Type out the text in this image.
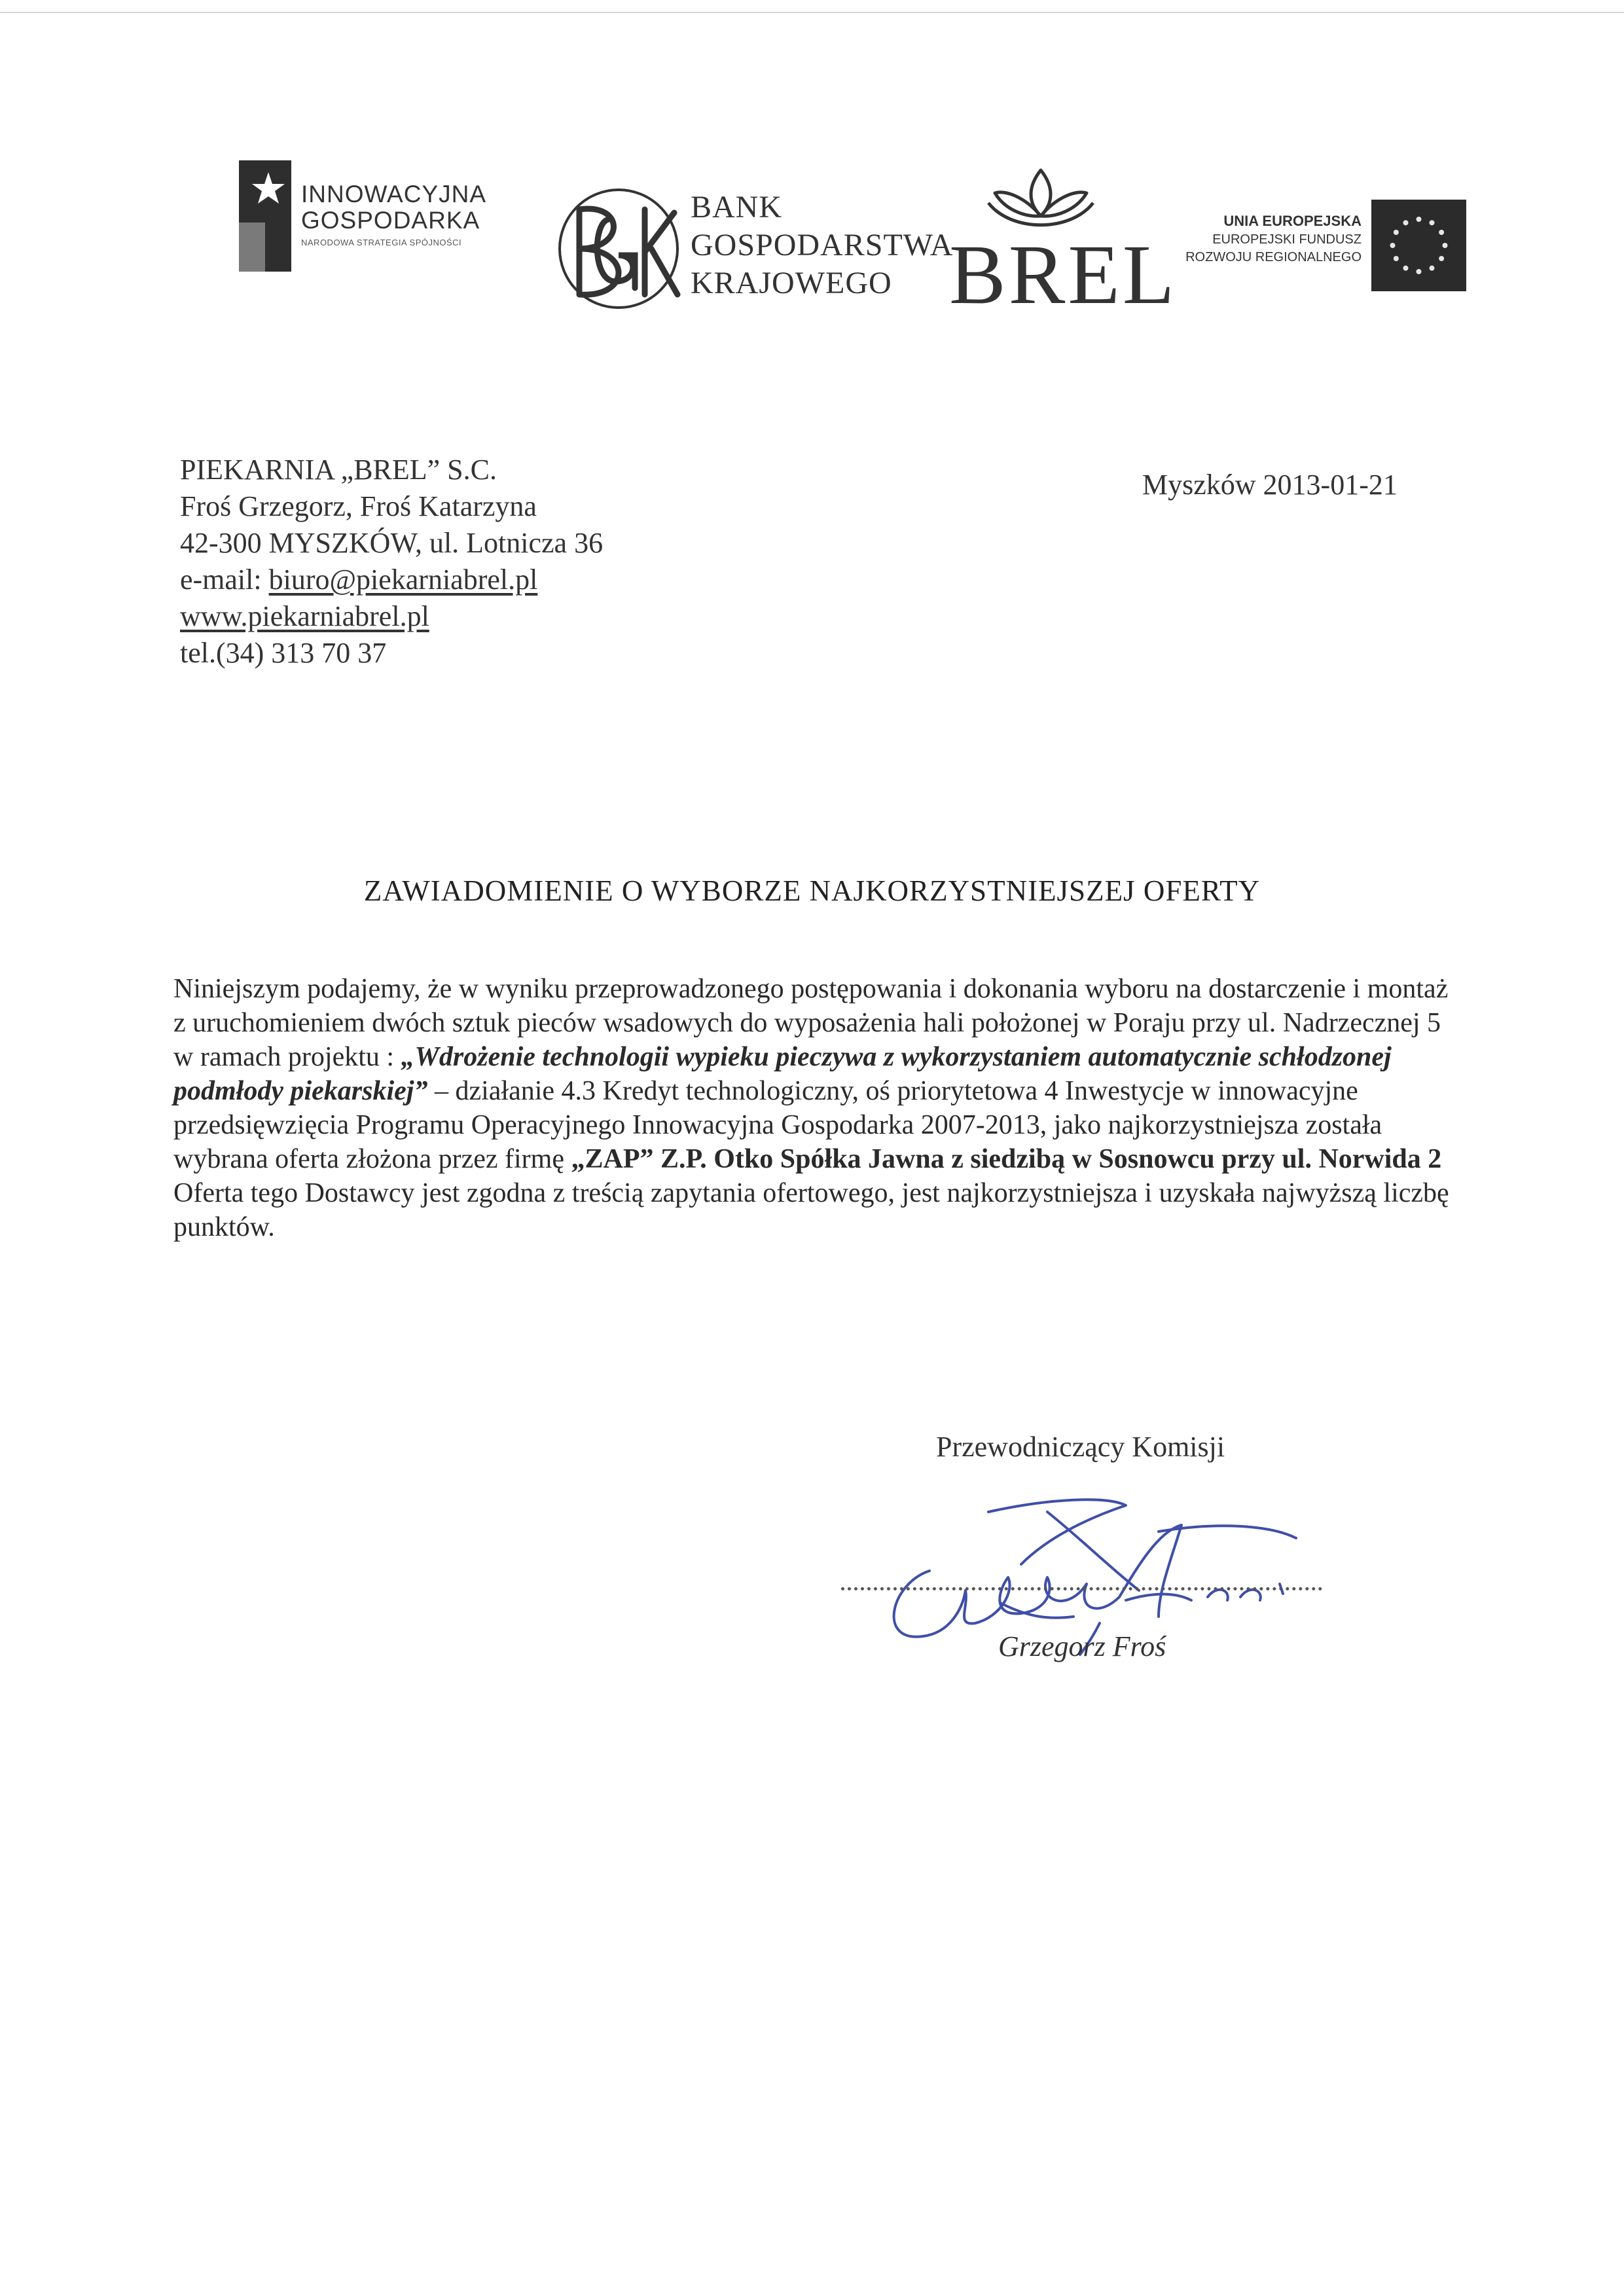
INNOWACYJNA
GOSPODARKA
NARODOWA STRATEGIA SPÓJNOŚCI
BANK
GOSPODARSTWA
KRAJOWEGO BREL
UNIA EUROPEJSKA
EUROPEJSKI FUNDUSZ
ROZWOJU REGIONALNEGO
PIEKARNIA „BREL” S.C.
Froś Grzegorz, Froś Katarzyna
42-300 MYSZKÓW, ul. Lotnicza 36
e-mail: biuro@piekarniabrel.pl
www.piekarniabrel.pl
tel.(34) 313 70 37
Myszków 2013-01-21
ZAWIADOMIENIE O WYBORZE NAJKORZYSTNIEJSZEJ OFERTY
Niniejszym podajemy, że w wyniku przeprowadzonego postępowania i dokonania wyboru na dostarczenie i montaż z uruchomieniem dwóch sztuk pieców wsadowych do wyposażenia hali położonej w Poraju przy ul. Nadrzecznej 5 w ramach projektu : „Wdrożenie technologii wypieku pieczywa z wykorzystaniem automatycznie schłodzonej podmłody piekarskiej” – działanie 4.3 Kredyt technologiczny, oś priorytetowa 4 Inwestycje w innowacyjne przedsięwzięcia Programu Operacyjnego Innowacyjna Gospodarka 2007-2013, jako najkorzystniejsza została wybrana oferta złożona przez firmę „ZAP” Z.P. Otko Spółka Jawna z siedzibą w Sosnowcu przy ul. Norwida 2 Oferta tego Dostawcy jest zgodna z treścią zapytania ofertowego, jest najkorzystniejsza i uzyskała najwyższą liczbę punktów.
Przewodniczący Komisji
Grzegorz Froś
